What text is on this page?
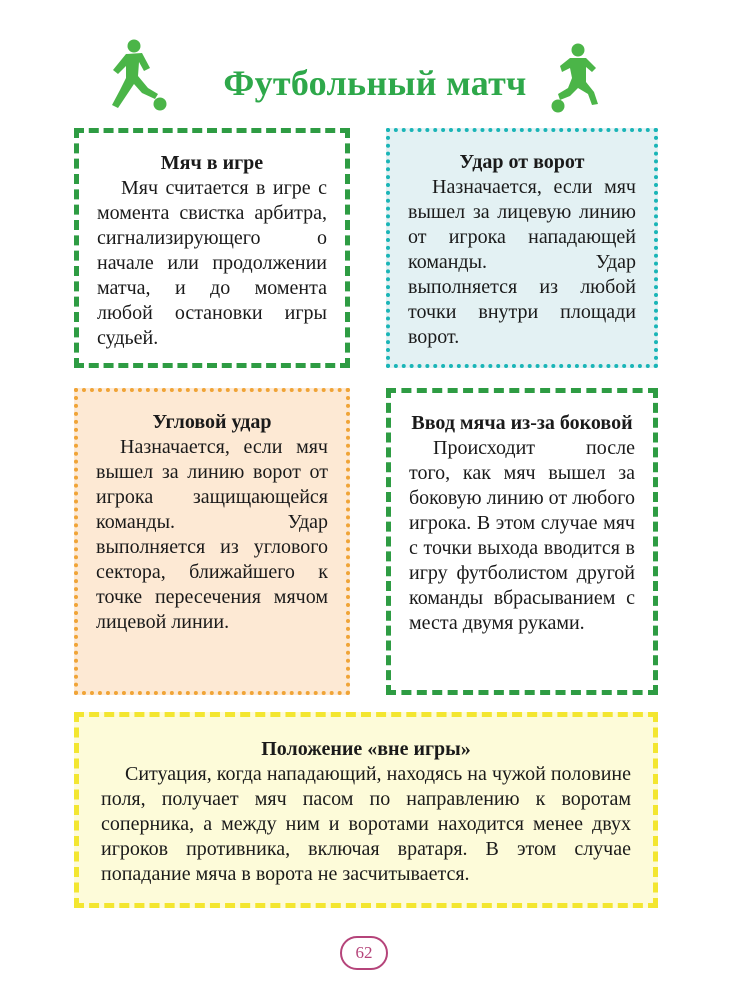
Футбольный матч

Мяч в игре

Мяч считается в игре с момента свистка арбитра, сигнализирующего о начале или продолжении матча, и до момента любой остановки игры судьей.

Удар от ворот

Назначается, если мяч вышел за лицевую линию от игрока нападающей команды. Удар выполняется из любой точки внутри площади ворот.

Угловой удар

Назначается, если мяч вышел за линию ворот от игрока защищающейся команды. Удар выполняется из углового сектора, ближайшего к точке пересечения мячом лицевой линии.

Ввод мяча из-за боковой

Происходит после того, как мяч вышел за боковую линию от любого игрока. В этом случае мяч с точки выхода вводится в игру футболистом другой команды вбрасыванием с места двумя руками.

Положение «вне игры»

Ситуация, когда нападающий, находясь на чужой половине поля, получает мяч пасом по направлению к воротам соперника, а между ним и воротами находится менее двух игроков противника, включая вратаря. В этом случае попадание мяча в ворота не засчитывается.

62
